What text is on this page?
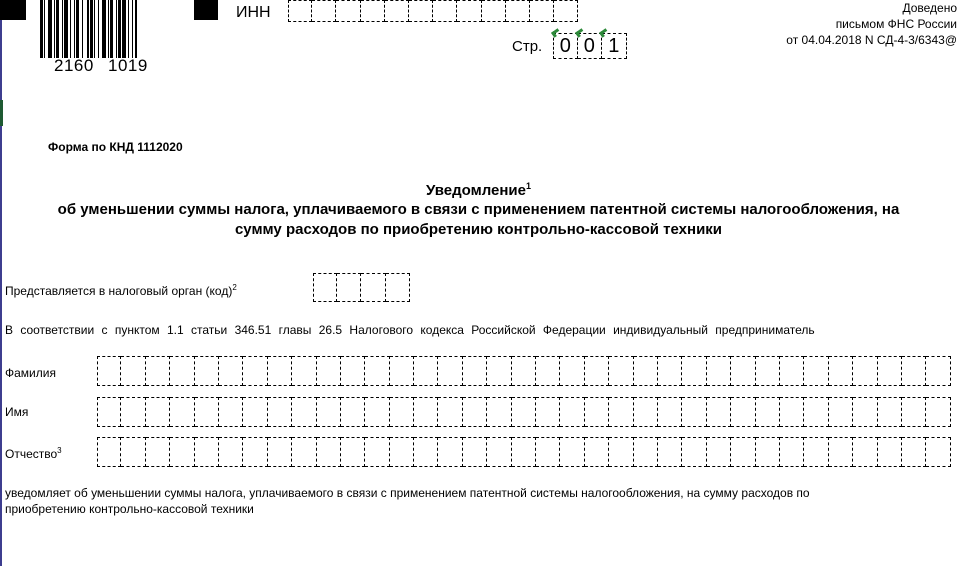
2160 1019
ИНН
Стр. 0 0 1
Доведено
письмом ФНС России
от 04.04.2018 N СД-4-3/6343@
Форма по КНД 1112020
Уведомление$^1$
об уменьшении суммы налога, уплачиваемого в связи с применением патентной системы налогообложения, на
сумму расходов по приобретению контрольно-кассовой техники
Представляется в налоговый орган (код)$^2$
В соответствии с пунктом 1.1 статьи 346.51 главы 26.5 Налогового кодекса Российской Федерации индивидуальный предприниматель
Фамилия
Имя
Отчество$^3$
уведомляет об уменьшении суммы налога, уплачиваемого в связи с применением патентной системы налогообложения, на сумму расходов по
приобретению контрольно-кассовой техники
